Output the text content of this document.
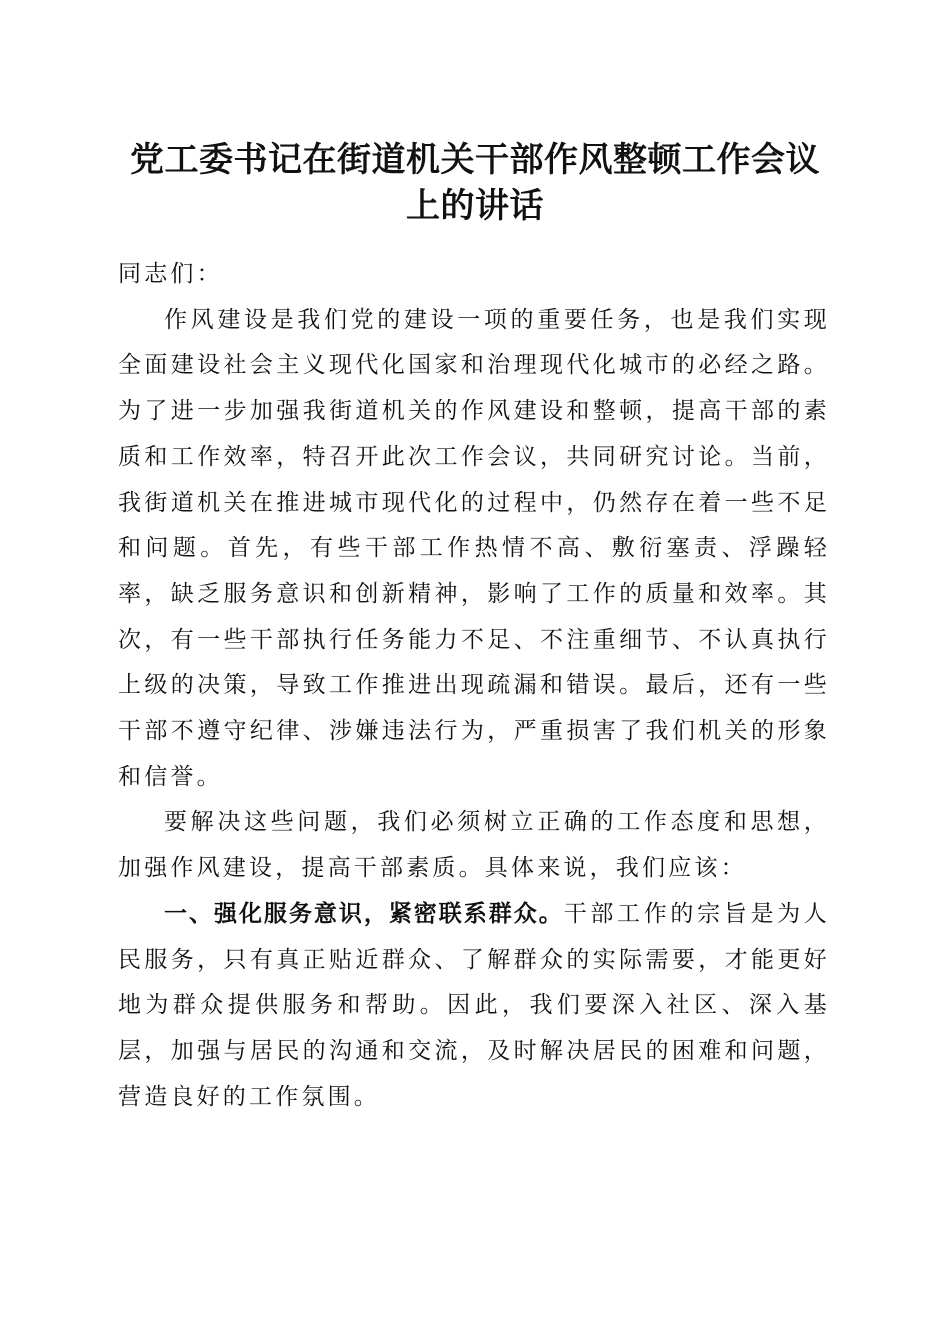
党工委书记在街道机关干部作风整顿工作会议
上的讲话

同志们：

作风建设是我们党的建设一项的重要任务，也是我们实现全面建设社会主义现代化国家和治理现代化城市的必经之路。为了进一步加强我街道机关的作风建设和整顿，提高干部的素质和工作效率，特召开此次工作会议，共同研究讨论。当前，我街道机关在推进城市现代化的过程中，仍然存在着一些不足和问题。首先，有些干部工作热情不高、敷衍塞责、浮躁轻率，缺乏服务意识和创新精神，影响了工作的质量和效率。其次，有一些干部执行任务能力不足、不注重细节、不认真执行上级的决策，导致工作推进出现疏漏和错误。最后，还有一些干部不遵守纪律、涉嫌违法行为，严重损害了我们机关的形象和信誉。

要解决这些问题，我们必须树立正确的工作态度和思想，加强作风建设，提高干部素质。具体来说，我们应该：

一、强化服务意识，紧密联系群众。干部工作的宗旨是为人民服务，只有真正贴近群众、了解群众的实际需要，才能更好地为群众提供服务和帮助。因此，我们要深入社区、深入基层，加强与居民的沟通和交流，及时解决居民的困难和问题，营造良好的工作氛围。
